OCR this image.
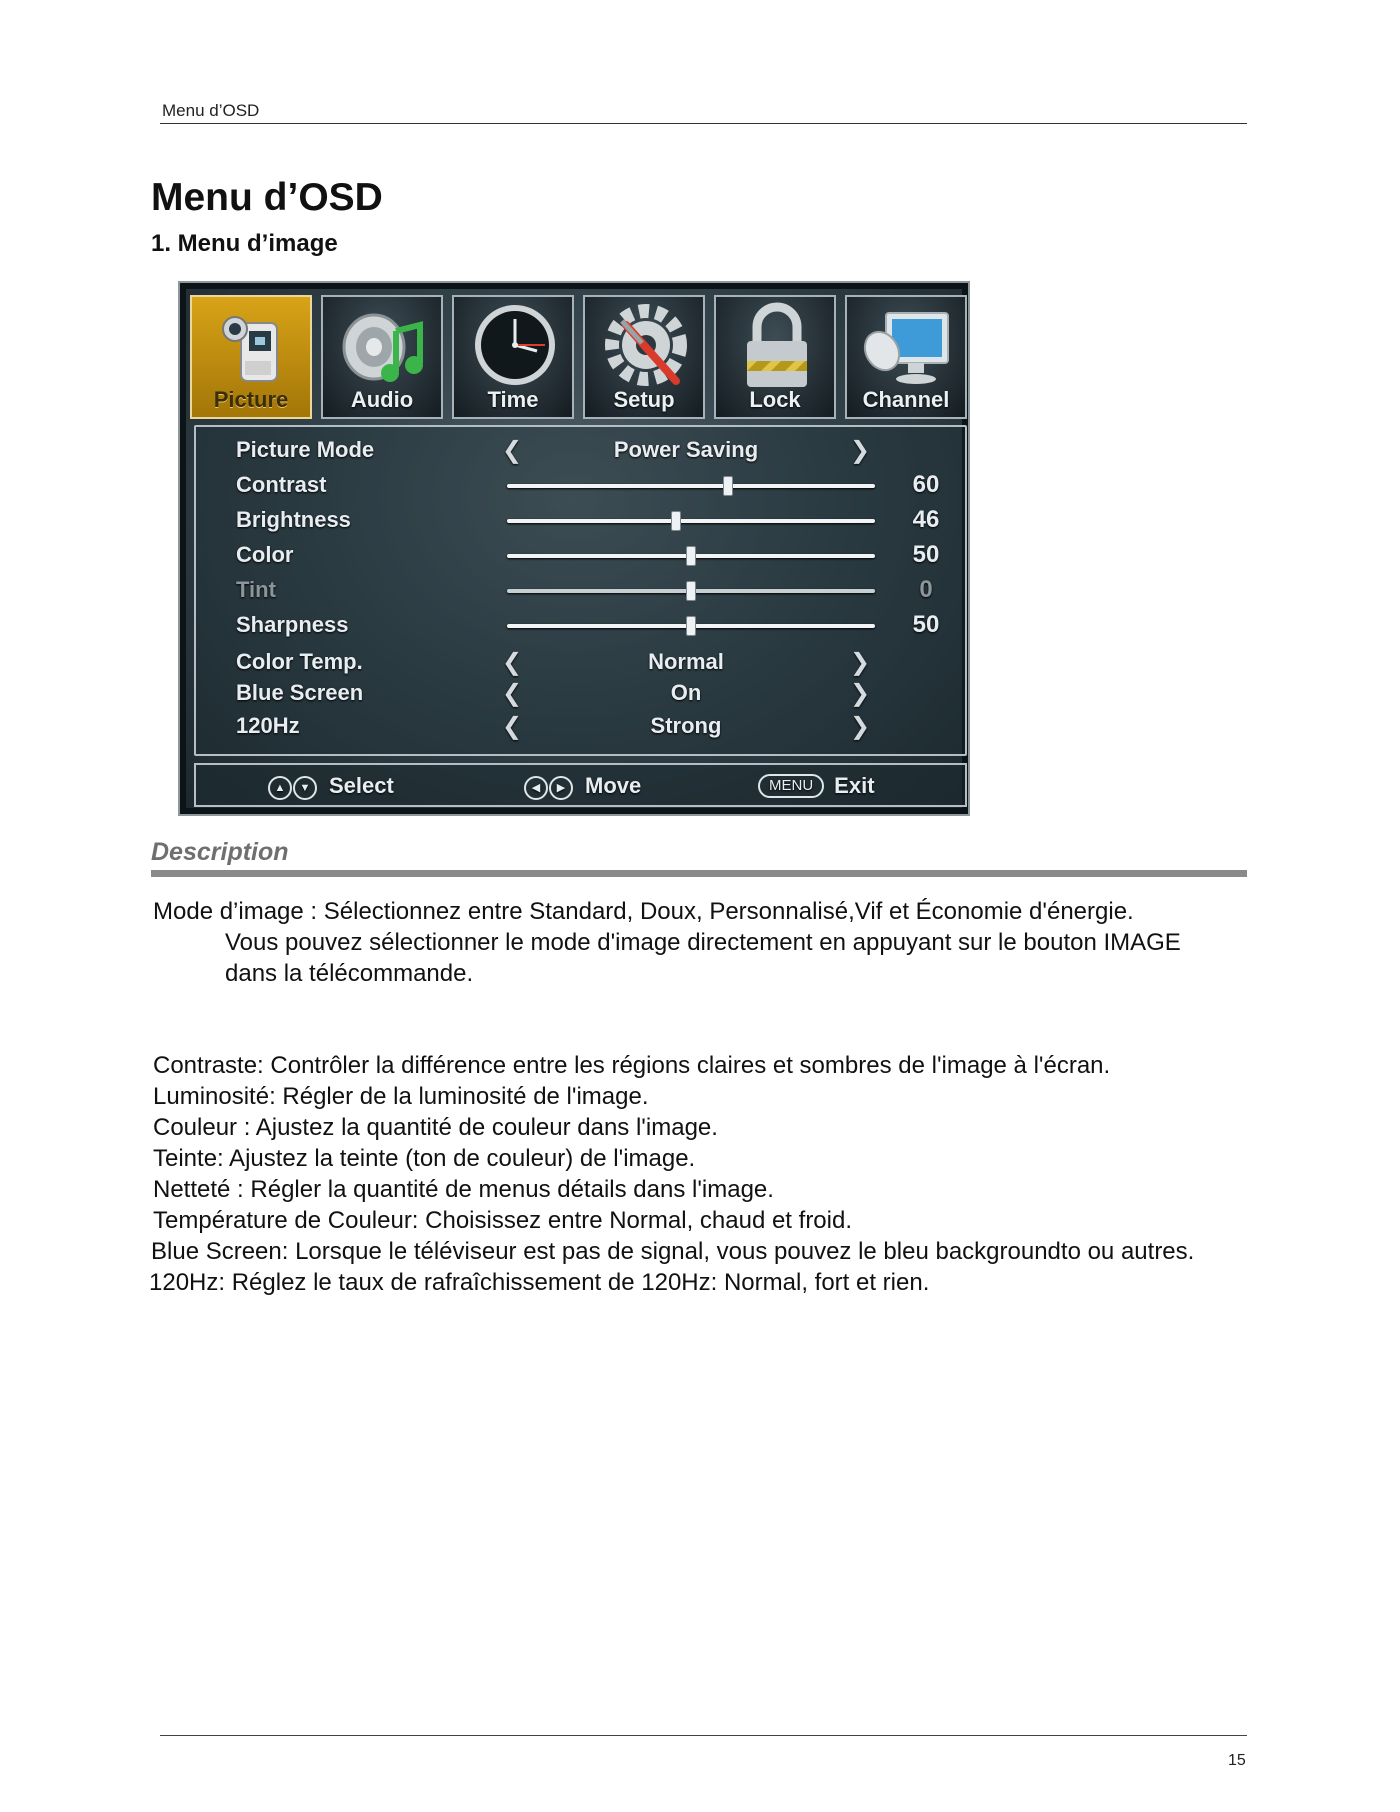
Menu d’OSD
Menu d’OSD
1. Menu d’image
Picture	Audio	Time	Setup	Lock	Channel
Picture Mode	❮	Power Saving	❯
Contrast	60
Brightness	46
Color	50
Tint	0
Sharpness	50
Color Temp.	❮	Normal	❯
Blue Screen	❮	On	❯
120Hz	❮	Strong	❯
▲ ▼ Select	◀ ▶ Move	MENU Exit
Description
Mode d’image : Sélectionnez entre Standard, Doux, Personnalisé,Vif et Économie d'énergie.
Vous pouvez sélectionner le mode d'image directement en appuyant sur le bouton IMAGE
dans la télécommande.
Contraste: Contrôler la différence entre les régions claires et sombres de l'image à l'écran.
Luminosité: Régler de la luminosité de l'image.
Couleur : Ajustez la quantité de couleur dans l'image.
Teinte: Ajustez la teinte (ton de couleur) de l'image.
Netteté : Régler la quantité de menus détails dans l'image.
Température de Couleur: Choisissez entre Normal, chaud et froid.
Blue Screen: Lorsque le téléviseur est pas de signal, vous pouvez le bleu backgroundto ou autres.
120Hz: Réglez le taux de rafraîchissement de 120Hz: Normal, fort et rien.
15
